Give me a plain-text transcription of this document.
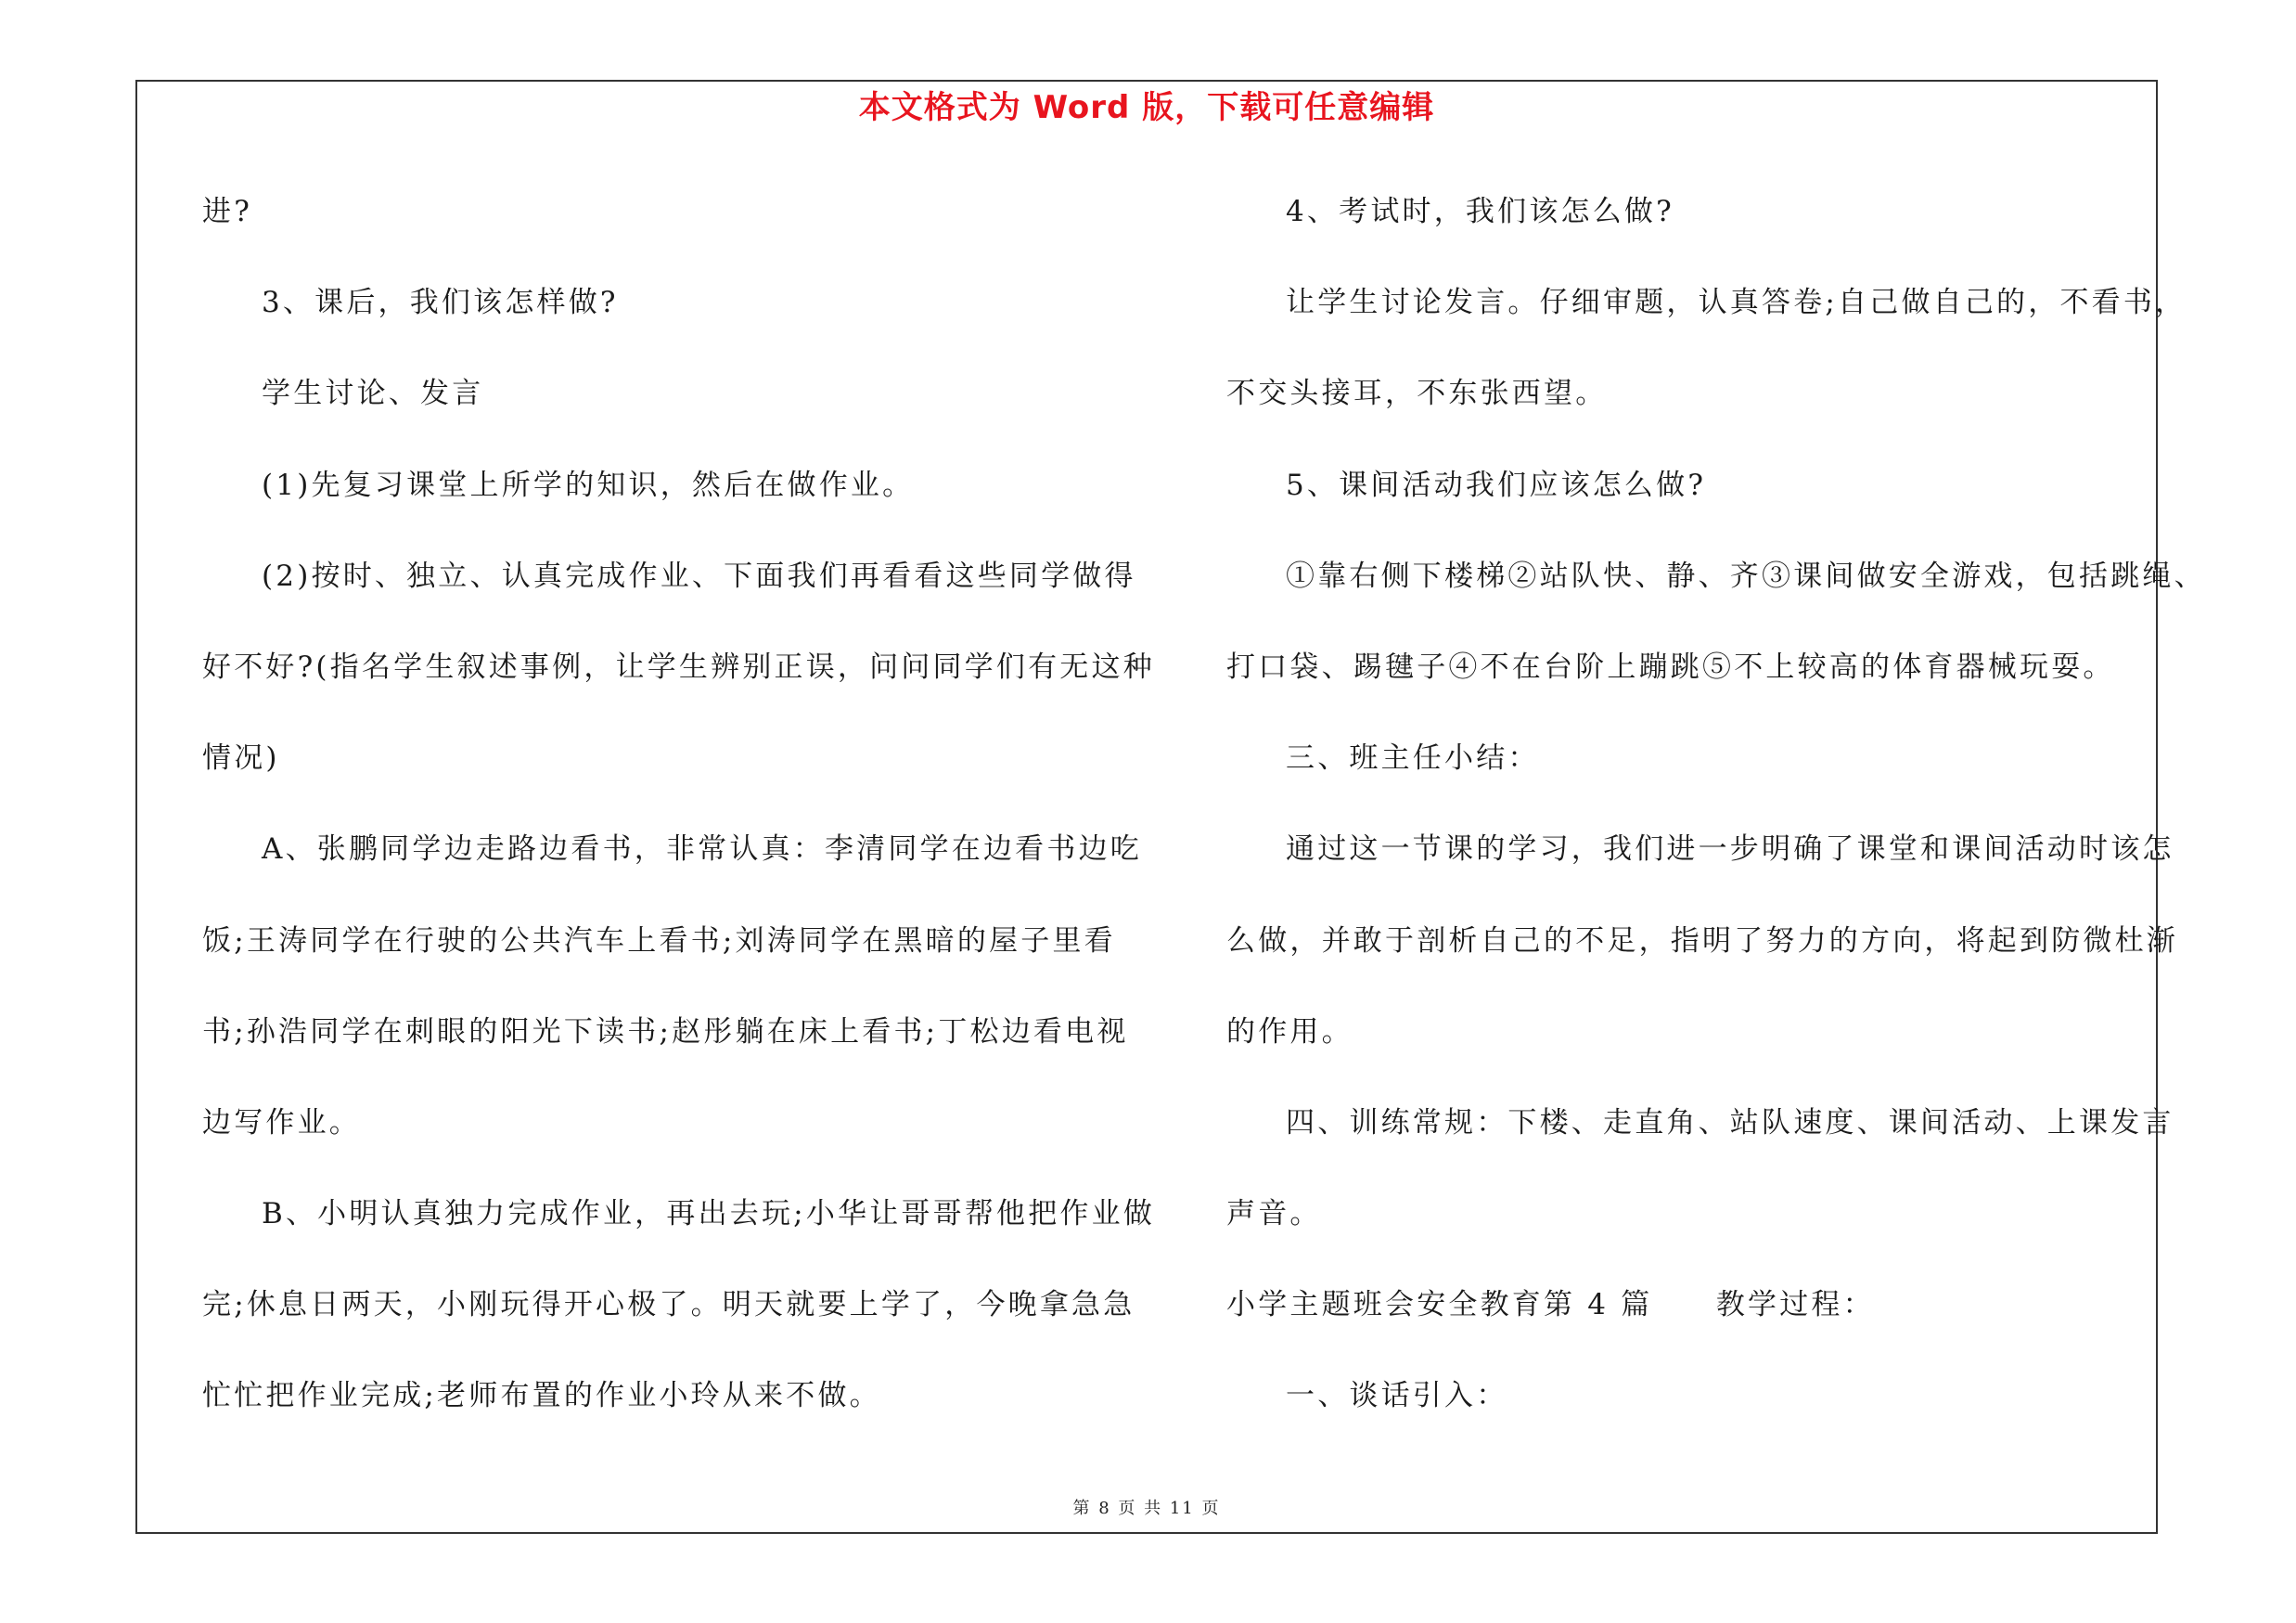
本文格式为 Word 版，下载可任意编辑
进?
3、课后，我们该怎样做?
学生讨论、发言
(1)先复习课堂上所学的知识，然后在做作业。
(2)按时、独立、认真完成作业、下面我们再看看这些同学做得
好不好?(指名学生叙述事例，让学生辨别正误，问问同学们有无这种
情况)
A、张鹏同学边走路边看书，非常认真：李清同学在边看书边吃
饭;王涛同学在行驶的公共汽车上看书;刘涛同学在黑暗的屋子里看
书;孙浩同学在刺眼的阳光下读书;赵彤躺在床上看书;丁松边看电视
边写作业。
B、小明认真独力完成作业，再出去玩;小华让哥哥帮他把作业做
完;休息日两天，小刚玩得开心极了。明天就要上学了，今晚拿急急
忙忙把作业完成;老师布置的作业小玲从来不做。
4、考试时，我们该怎么做?
让学生讨论发言。仔细审题，认真答卷;自己做自己的，不看书，
不交头接耳，不东张西望。
5、课间活动我们应该怎么做?
①靠右侧下楼梯②站队快、静、齐③课间做安全游戏，包括跳绳、
打口袋、踢毽子④不在台阶上蹦跳⑤不上较高的体育器械玩耍。
三、班主任小结：
通过这一节课的学习，我们进一步明确了课堂和课间活动时该怎
么做，并敢于剖析自己的不足，指明了努力的方向，将起到防微杜渐
的作用。
四、训练常规：下楼、走直角、站队速度、课间活动、上课发言
声音。
小学主题班会安全教育第 4 篇　　教学过程：
一、谈话引入：
第 8 页 共 11 页
